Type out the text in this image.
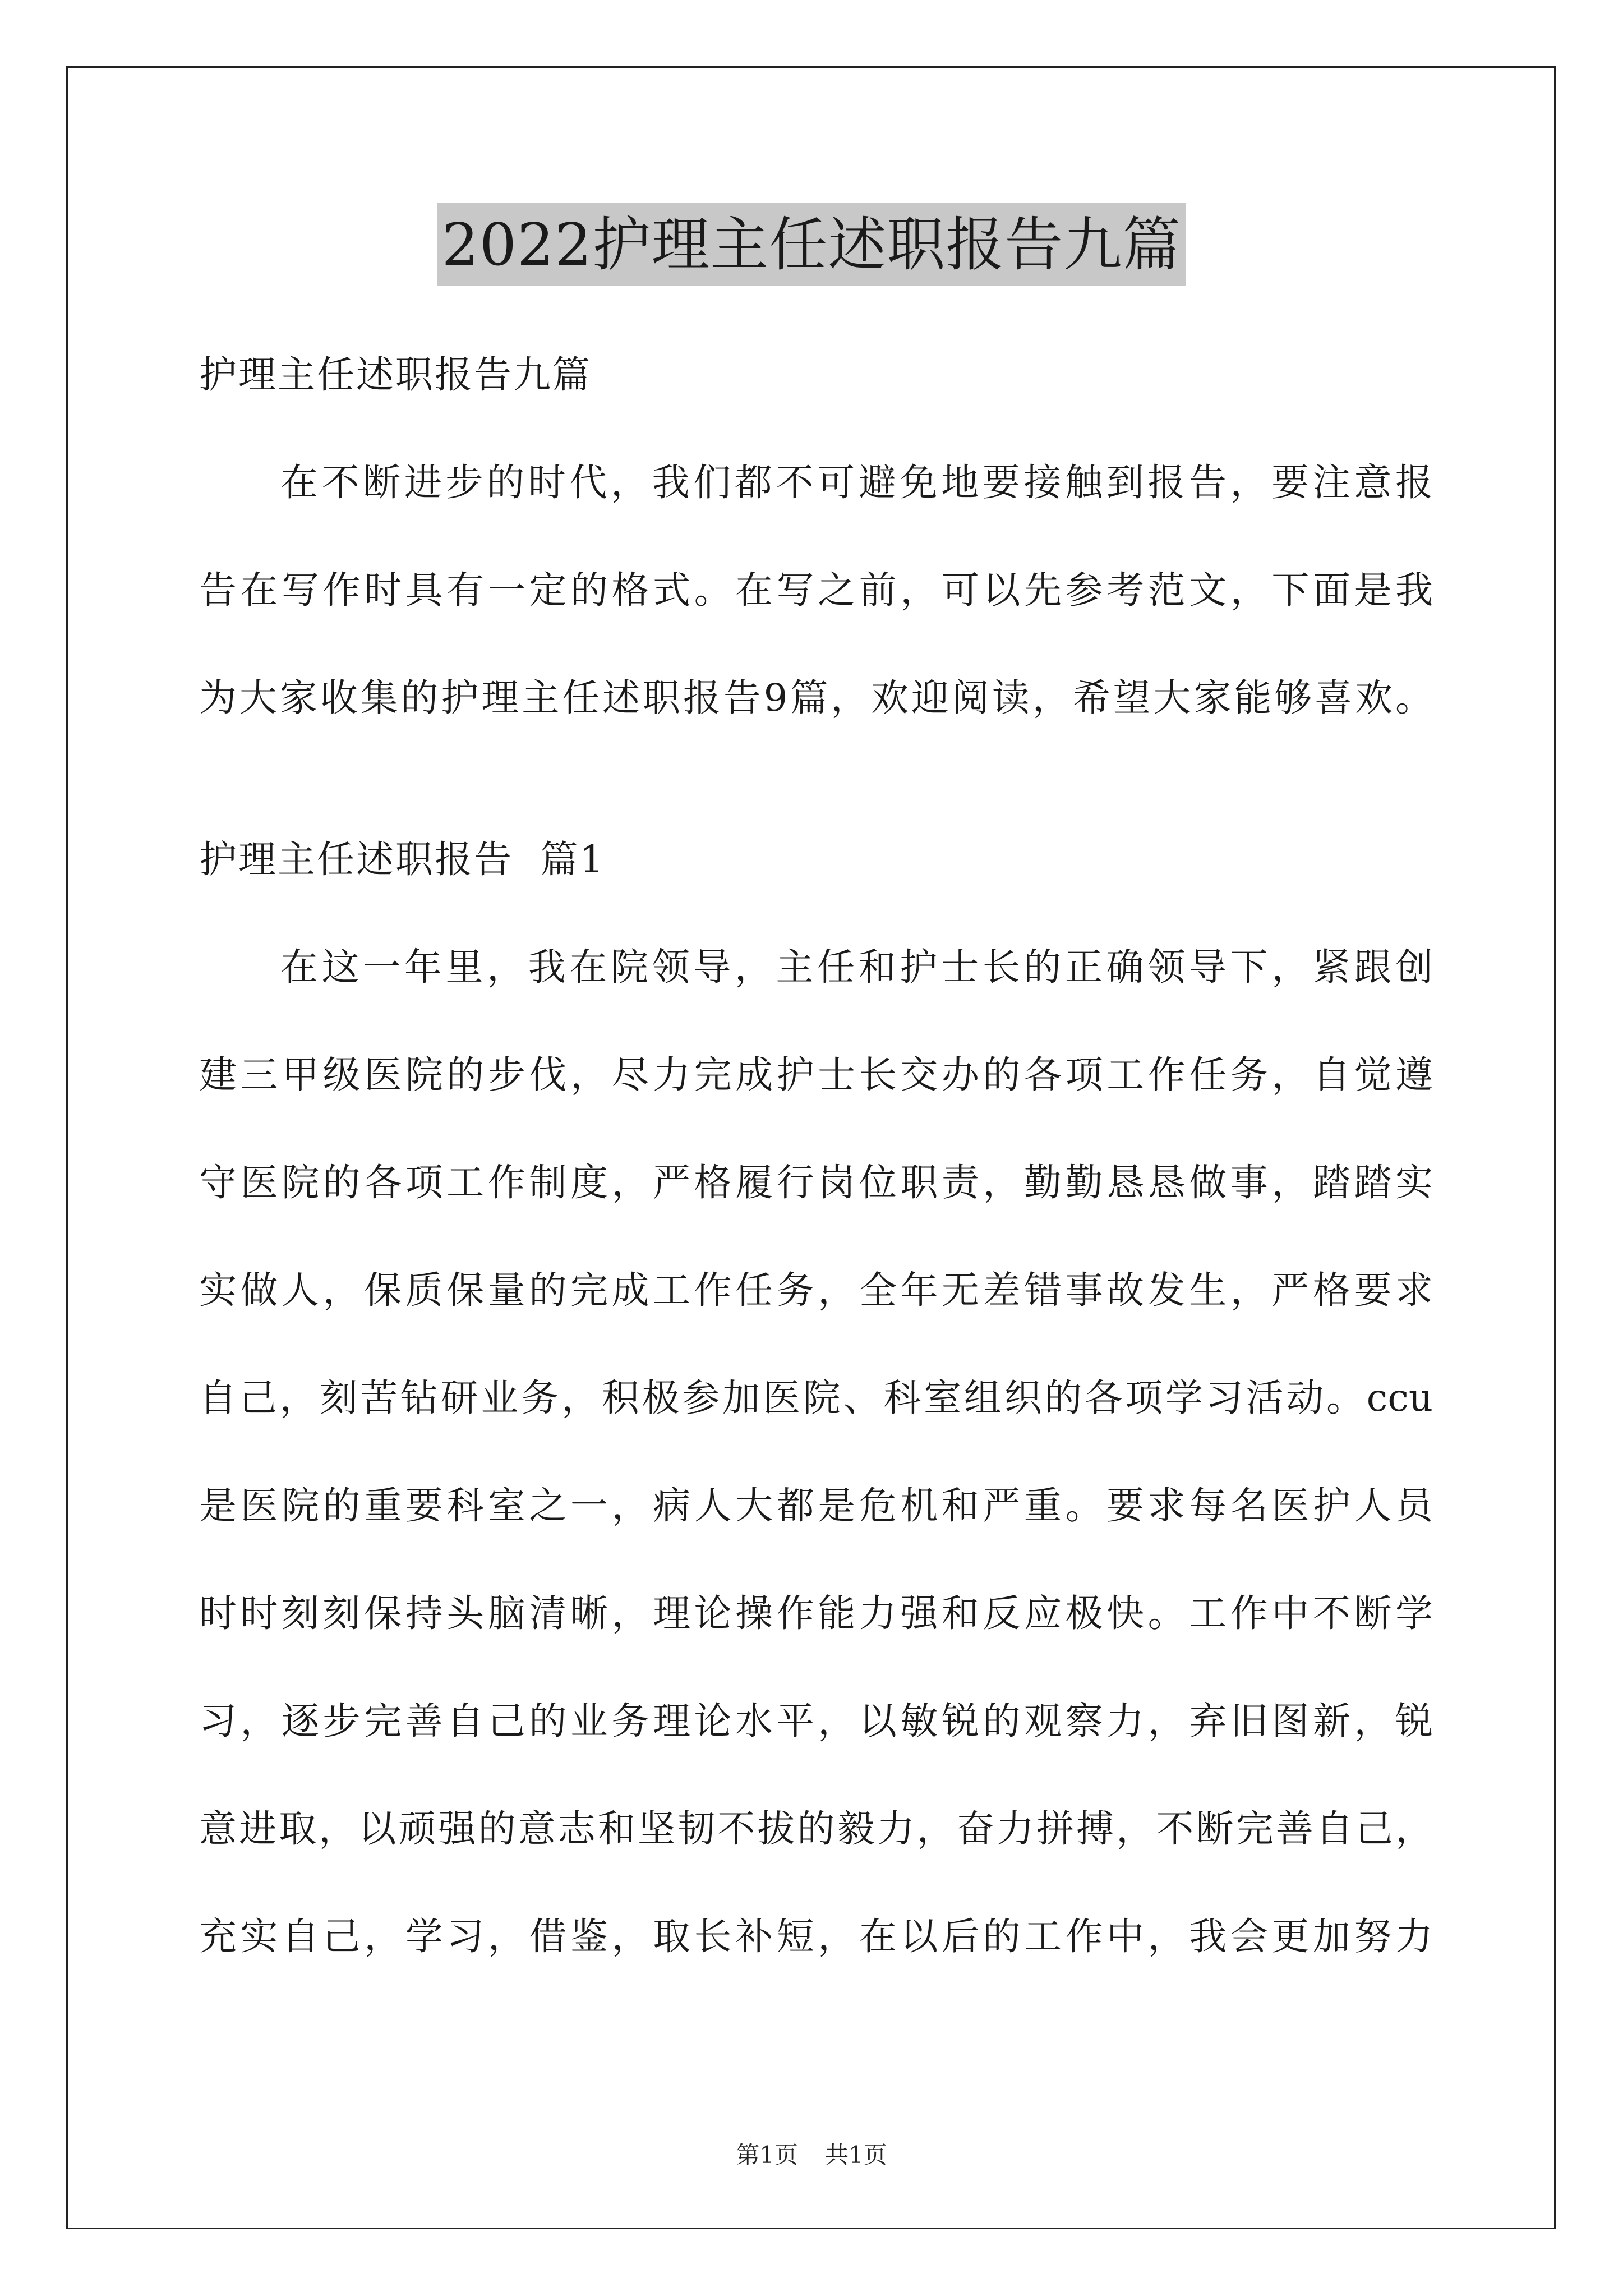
2022护理主任述职报告九篇
护理主任述职报告九篇
在不断进步的时代，我们都不可避免地要接触到报告，要注意报
告在写作时具有一定的格式。在写之前，可以先参考范文，下面是我
为大家收集的护理主任述职报告9篇，欢迎阅读，希望大家能够喜欢。
护理主任述职报告  篇1
在这一年里，我在院领导，主任和护士长的正确领导下，紧跟创
建三甲级医院的步伐，尽力完成护士长交办的各项工作任务，自觉遵
守医院的各项工作制度，严格履行岗位职责，勤勤恳恳做事，踏踏实
实做人，保质保量的完成工作任务，全年无差错事故发生，严格要求
自己，刻苦钻研业务，积极参加医院、科室组织的各项学习活动。ccu
是医院的重要科室之一，病人大都是危机和严重。要求每名医护人员
时时刻刻保持头脑清晰，理论操作能力强和反应极快。工作中不断学
习，逐步完善自己的业务理论水平，以敏锐的观察力，弃旧图新，锐
意进取，以顽强的意志和坚韧不拔的毅力，奋力拼搏，不断完善自己，
充实自己，学习，借鉴，取长补短，在以后的工作中，我会更加努力
第1页 共1页
